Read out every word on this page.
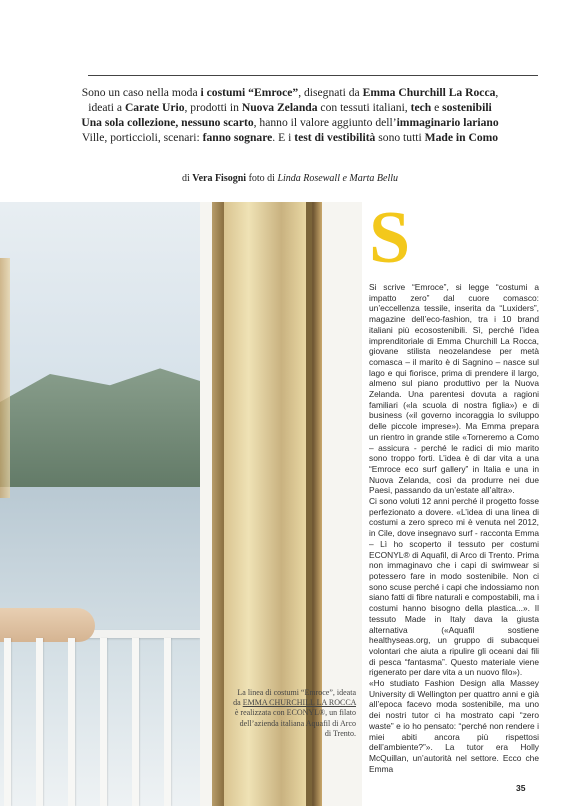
Sono un caso nella moda i costumi “Emroce”, disegnati da Emma Churchill La Rocca,

ideati a Carate Urio, prodotti in Nuova Zelanda con tessuti italiani, tech e sostenibili

Una sola collezione, nessuno scarto, hanno il valore aggiunto dell’immaginario lariano

Ville, porticcioli, scenari: fanno sognare. E i test di vestibilità sono tutti Made in Como

di Vera Fisogni foto di Linda Rosewall e Marta Bellu
La linea di costumi “Emroce”, ideata da EMMA CHURCHILL LA ROCCA è realizzata con ECONYL®, un filato dell’azienda italiana Aquafil di Arco di Trento.
S

Si scrive “Emroce”, si legge “costumi a impatto zero” dal cuore comasco: un’eccellenza tessile, inserita da “Luxiders”, magazine dell’eco-fashion, tra i 10 brand italiani più ecosostenibili. Sì, perché l’idea imprenditoriale di Emma Churchill La Rocca, giovane stilista neozelandese per metà comasca – il marito è di Sagnino – nasce sul lago e qui fiorisce, prima di prendere il largo, almeno sul piano produttivo per la Nuova Zelanda. Una parentesi dovuta a ragioni familiari («la scuola di nostra figlia») e di business («il governo incoraggia lo sviluppo delle piccole imprese»). Ma Emma prepara un rientro in grande stile «Torneremo a Como – assicura - perché le radici di mio marito sono troppo forti. L’idea è di dar vita a una “Emroce eco surf gallery” in Italia e una in Nuova Zelanda, così da produrre nei due Paesi, passando da un’estate all’altra».

Ci sono voluti 12 anni perché il progetto fosse perfezionato a dovere. «L’idea di una linea di costumi a zero spreco mi è venuta nel 2012, in Cile, dove insegnavo surf - racconta Emma – Lì ho scoperto il tessuto per costumi ECONYL® di Aquafil, di Arco di Trento. Prima non immaginavo che i capi di swimwear si potessero fare in modo sostenibile. Non ci sono scuse perché i capi che indossiamo non siano fatti di fibre naturali e compostabili, ma i costumi hanno bisogno della plastica...». Il tessuto Made in Italy dava la giusta alternativa («Aquafil sostiene healthyseas.org, un gruppo di subacquei volontari che aiuta a ripulire gli oceani dai fili di pesca “fantasma”. Questo materiale viene rigenerato per dare vita a un nuovo filo»).

«Ho studiato Fashion Design alla Massey University di Wellington per quattro anni e già all’epoca facevo moda sostenibile, ma uno dei nostri tutor ci ha mostrato capi “zero waste” e io ho pensato: “perché non rendere i miei abiti ancora più rispettosi dell’ambiente?”». La tutor era Holly McQuillan, un’autorità nel settore. Ecco che Emma

35
